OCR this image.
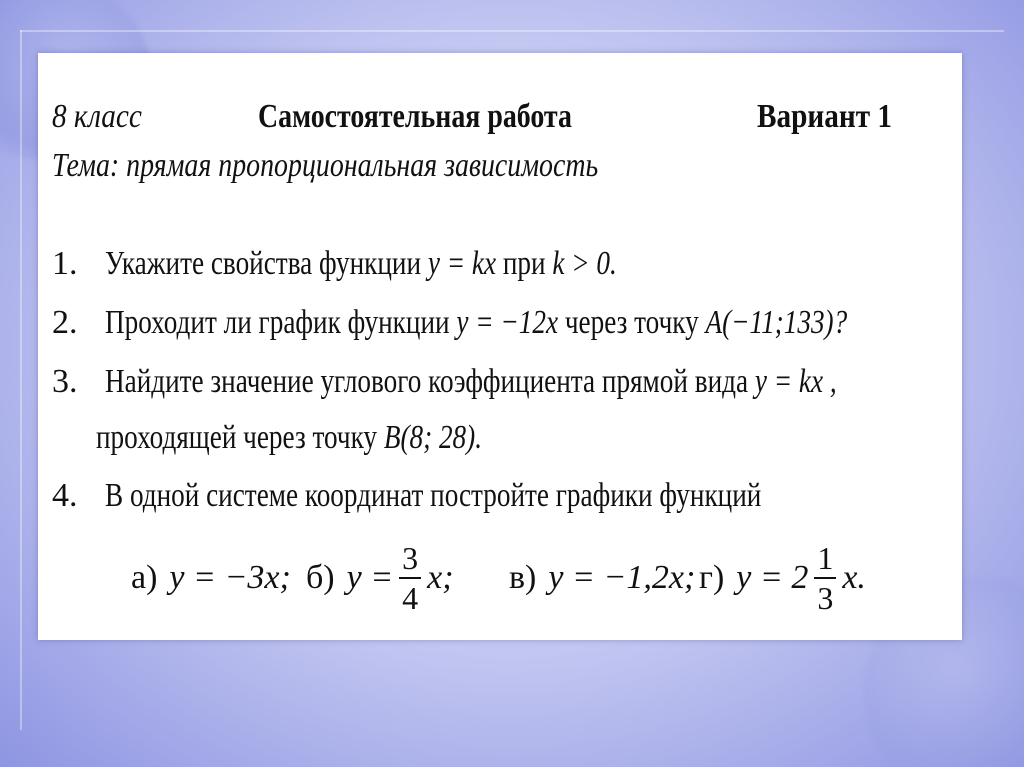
8 класс	Самостоятельная работа	Вариант 1
Тема: прямая пропорциональная зависимость
1. Укажите свойства функции y = kx при k > 0.
2. Проходит ли график функции y = −12x через точку A(−11;133)?
3. Найдите значение углового коэффициента прямой вида y = kx ,
проходящей через точку B(8; 28).
4. В одной системе координат постройте графики функций
а) y = −3x; б) $y = \frac{3}{4} x$; в) y = −1,2x; г) $y = 2 \frac{1}{3} x$.
